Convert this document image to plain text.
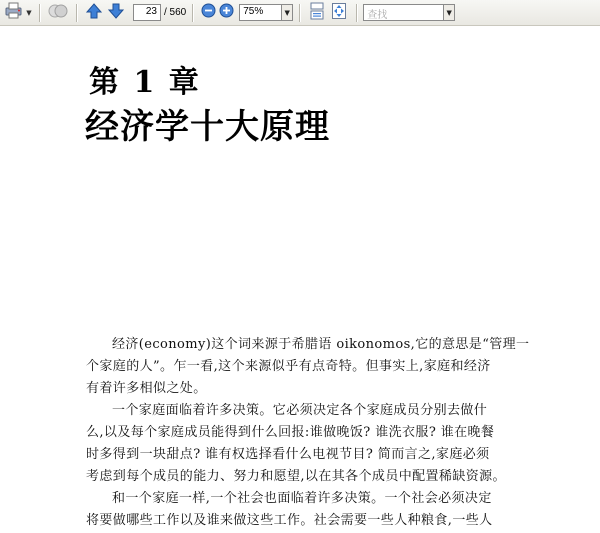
▼	23 / 560	75%	▼	查找	▼
第 1 章
经济学十大原理
经济(economy)这个词来源于希腊语 oikonomos,它的意思是“管理一
个家庭的人”。乍一看,这个来源似乎有点奇特。但事实上,家庭和经济
有着许多相似之处。
一个家庭面临着许多决策。它必须决定各个家庭成员分别去做什
么,以及每个家庭成员能得到什么回报:谁做晚饭? 谁洗衣服? 谁在晚餐
时多得到一块甜点? 谁有权选择看什么电视节目? 简而言之,家庭必须
考虑到每个成员的能力、努力和愿望,以在其各个成员中配置稀缺资源。
和一个家庭一样,一个社会也面临着许多决策。一个社会必须决定
将要做哪些工作以及谁来做这些工作。社会需要一些人种粮食,一些人
